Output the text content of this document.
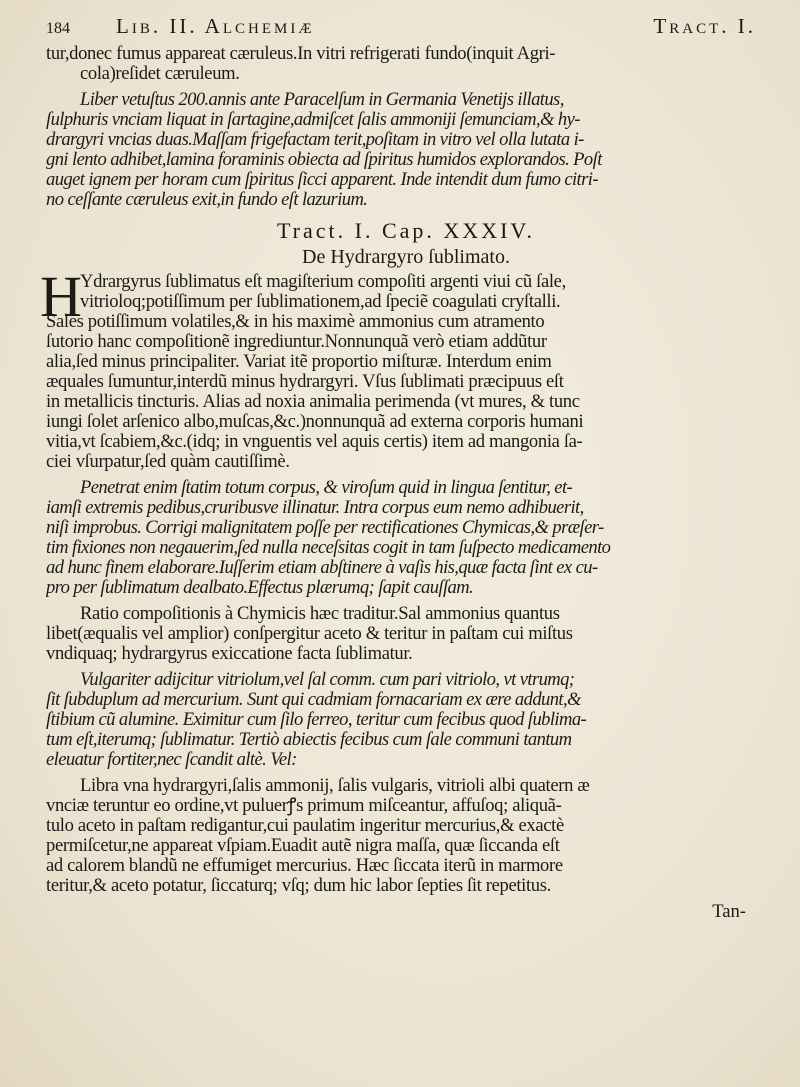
184	Lib. II. Alchemiæ	Tract. I.
tur,donec fumus appareat cæruleus.In vitri refrigerati fundo(inquit Agri-
cola)reſidet cæruleum.
Liber vetuſtus 200.annis ante Paracelſum in Germania Venetijs illatus,
ſulphuris vnciam liquat in ſartagine,admiſcet ſalis ammoniji ſemunciam,& hy-
drargyri vncias duas.Maſſam frigefactam terit,poſitam in vitro vel olla lutata i-
gni lento adhibet,lamina foraminis obiecta ad ſpiritus humidos explorandos. Poſt
auget ignem per horam cum ſpiritus ſicci apparent. Inde intendit dum fumo citri-
no ceſſante cæruleus exit,in fundo eſt lazurium.
Tract. I. Cap. XXXIV.
De Hydrargyro ſublimato.
H
Ydrargyrus ſublimatus eſt magiſterium compoſiti argenti viui cũ ſale,
vitrioloq;potiſſimum per ſublimationem,ad ſpeciẽ coagulati cryſtalli.
Sales potiſſimum volatiles,& in his maximè ammonius cum atramento
ſutorio hanc compoſitionẽ ingrediuntur.Nonnunquã verò etiam addũtur
alia,ſed minus principaliter. Variat itẽ proportio miſturæ. Interdum enim
æquales ſumuntur,interdũ minus hydrargyri. Vſus ſublimati præcipuus eſt
in metallicis tincturis. Alias ad noxia animalia perimenda (vt mures, & tunc
iungi ſolet arſenico albo,muſcas,&c.)nonnunquã ad externa corporis humani
vitia,vt ſcabiem,&c.(idq; in vnguentis vel aquis certis) item ad mangonia ſa-
ciei vſurpatur,ſed quàm cautiſſimè.
Penetrat enim ſtatim totum corpus, & viroſum quid in lingua ſentitur, et-
iamſi extremis pedibus,cruribusve illinatur. Intra corpus eum nemo adhibuerit,
niſi improbus. Corrigi malignitatem poſſe per rectificationes Chymicas,& præſer-
tim fixiones non negauerim,ſed nulla neceſsitas cogit in tam ſuſpecto medicamento
ad hunc finem elaborare.Iuſſerim etiam abſtinere à vaſis his,quæ facta ſint ex cu-
pro per ſublimatum dealbato.Effectus plærumq; ſapit cauſſam.
Ratio compoſitionis à Chymicis hæc traditur.Sal ammonius quantus
libet(æqualis vel amplior) conſpergitur aceto & teritur in paſtam cui miſtus
vndiquaq; hydrargyrus exiccatione facta ſublimatur.
Vulgariter adijcitur vitriolum,vel ſal comm. cum pari vitriolo, vt vtrumq;
ſit ſubduplum ad mercurium. Sunt qui cadmiam fornacariam ex ære addunt,&
ſtibium cũ alumine. Eximitur cum ſilo ferreo, teritur cum fecibus quod ſublima-
tum eſt,iterumq; ſublimatur. Tertiò abiectis fecibus cum ſale communi tantum
eleuatur fortiter,nec ſcandit altè. Vel:
Libra vna hydrargyri,ſalis ammonij, ſalis vulgaris, vitrioli albi quatern æ
vnciæ teruntur eo ordine,vt puluerꝭs primum miſceantur, affuſoq; aliquã-
tulo aceto in paſtam redigantur,cui paulatim ingeritur mercurius,& exactè
permiſcetur,ne appareat vſpiam.Euadit autẽ nigra maſſa, quæ ſiccanda eſt
ad calorem blandũ ne effumiget mercurius. Hæc ſiccata iterũ in marmore
teritur,& aceto potatur, ſiccaturq; vſq; dum hic labor ſepties ſit repetitus.
Tan-
